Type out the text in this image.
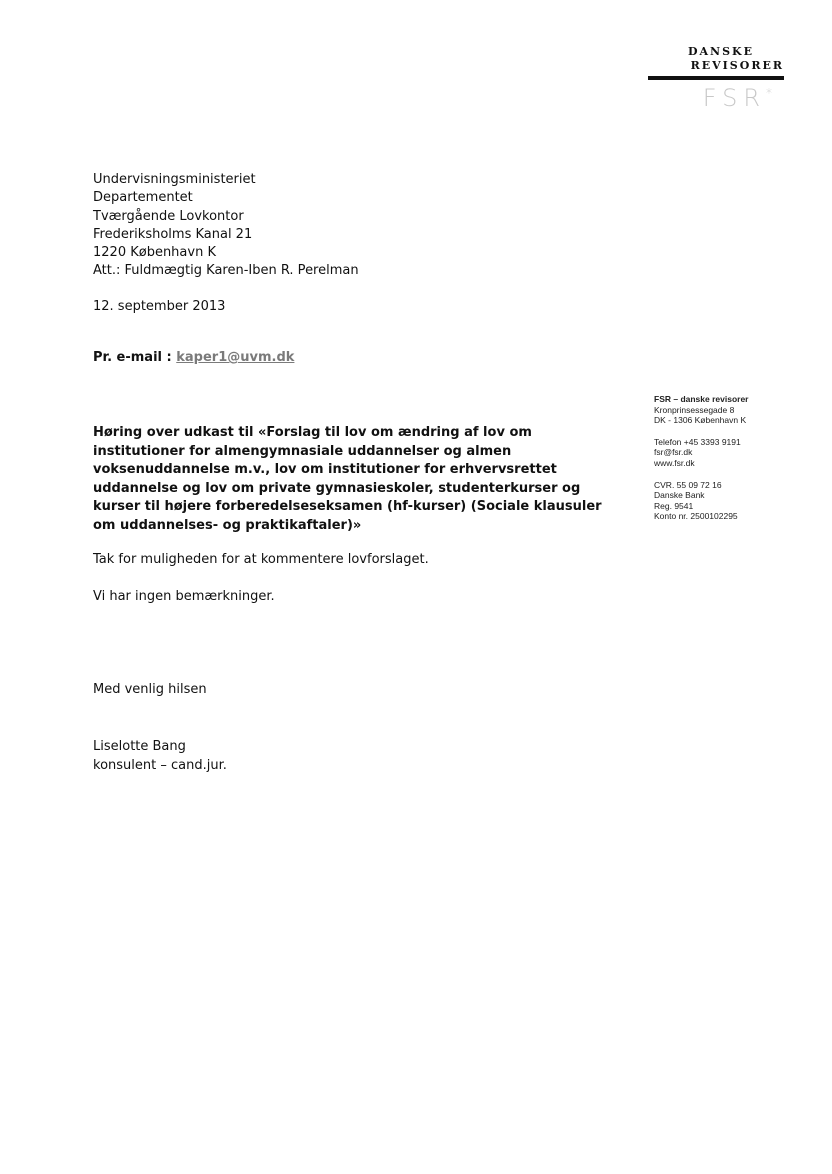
DANSKE
REVISORER
FSR*
Undervisningsministeriet
Departementet
Tværgående Lovkontor
Frederiksholms Kanal 21
1220 København K
Att.: Fuldmægtig Karen-Iben R. Perelman
12. september 2013
Pr. e-mail : kaper1@uvm.dk
FSR – danske revisorer
Kronprinsessegade 8
DK - 1306 København K
Telefon +45 3393 9191
fsr@fsr.dk
www.fsr.dk
CVR. 55 09 72 16
Danske Bank
Reg. 9541
Konto nr. 2500102295

Høring over udkast til «Forslag til lov om ændring af lov om institutioner for almengymnasiale uddannelser og almen voksenuddannelse m.v., lov om institutioner for erhvervsrettet uddannelse og lov om private gymnasieskoler, studenterkurser og kurser til højere forberedelseseksamen (hf-kurser) (Sociale klausuler om uddannelses- og praktikaftaler)»

Tak for muligheden for at kommentere lovforslaget.
Vi har ingen bemærkninger.
Med venlig hilsen
Liselotte Bang
konsulent – cand.jur.
